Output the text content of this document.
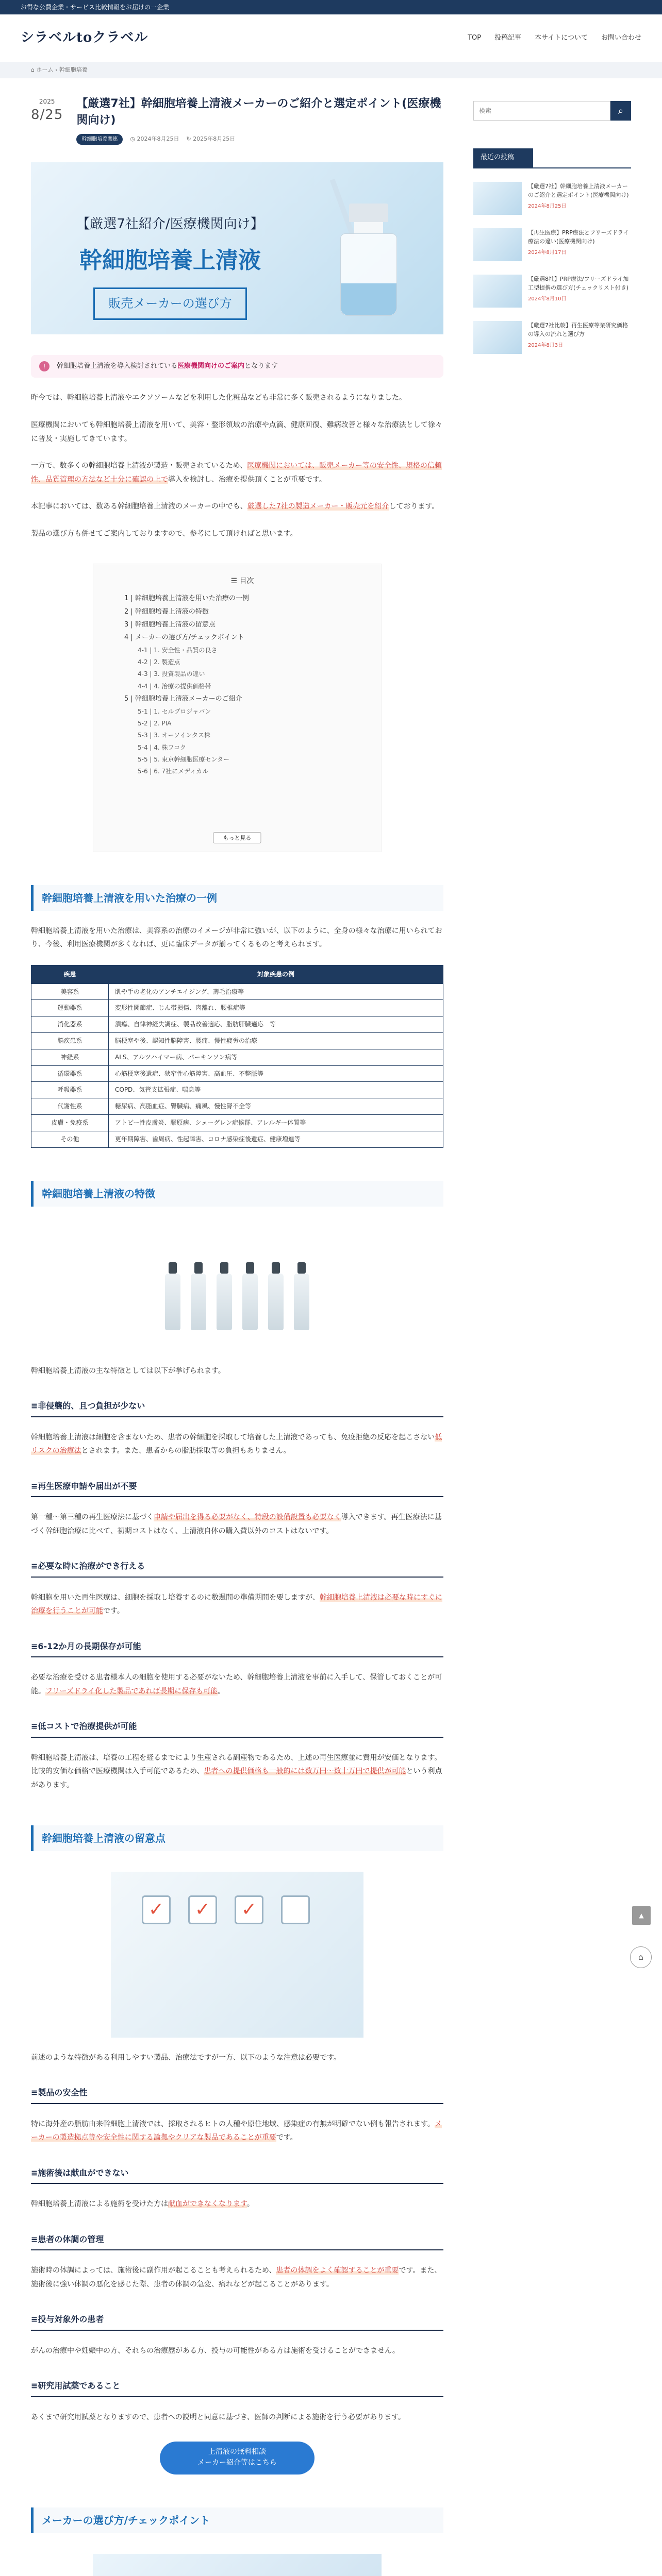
お得な公費企業・サービス比較情報をお届けの一企業
シラベルtoクラベル	TOP 投稿記事 本サイトについて お問い合わせ
⌂ ホーム › 幹細胞培養
2025
8/25
【厳選7社】幹細胞培養上清液メーカーのご紹介と選定ポイント(医療機関向け)
幹細胞培養関連	◷ 2024年8月25日 ↻ 2025年8月25日
【厳選7社紹介/医療機関向け】
幹細胞培養上清液
販売メーカーの選び方
!	幹細胞培養上清液を導入検討されている医療機関向けのご案内となります

昨今では、幹細胞培養上清液やエクソソームなどを利用した化粧品なども非常に多く販売されるようになりました。

医療機関においても幹細胞培養上清液を用いて、美容・整形領域の治療や点滴、健康回復、難病改善と様々な治療法として徐々に普及・実施してきています。

一方で、数多くの幹細胞培養上清液が製造・販売されているため、医療機関においては、販売メーカー等の安全性、規格の信頼性、品質管理の方法など十分に確認の上で導入を検討し、治療を提供頂くことが重要です。

本記事においては、数ある幹細胞培養上清液のメーカーの中でも、厳選した7社の製造メーカー・販売元を紹介しております。

製品の選び方も併せてご案内しておりますので、参考にして頂ければと思います。

☰ 目次
1 | 幹細胞培養上清液を用いた治療の一例
2 | 幹細胞培養上清液の特徴
3 | 幹細胞培養上清液の留意点
4 | メーカーの選び方/チェックポイント
4-1 | 1. 安全性・品質の良さ
4-2 | 2. 製造点
4-3 | 3. 投資製品の違い
4-4 | 4. 治療の提供価格帯
5 | 幹細胞培養上清液メーカーのご紹介
5-1 | 1. セルプロジャパン
5-2 | 2. PIA
5-3 | 3. オーソインタス株
5-4 | 4. 株フコク
5-5 | 5. 東京幹細胞医療センター
5-6 | 6. 7社にメディカル
もっと見る
幹細胞培養上清液を用いた治療の一例

幹細胞培養上清液を用いた治療は、美容系の治療のイメージが非常に強いが、以下のように、全身の様々な治療に用いられており、今後、利用医療機関が多くなれば、更に臨床データが揃ってくるものと考えられます。

疾患	対象疾患の例
美容系	肌や手の老化のアンチエイジング、薄毛治療等
運動器系	変形性関節症、じん帯損傷、肉離れ、腰椎症等
消化器系	潰瘍、自律神経失調症、製品改善適応、脂肪肝臓適応　等
脳疾患系	脳梗塞や後、認知性脳障害、腰痛、慢性疲労の治療
神経系	ALS、アルツハイマー病、パーキンソン病等
循環器系	心筋梗塞後遺症、狭窄性心筋障害、高血圧、不整脈等
呼吸器系	COPD、気管支拡張症、喘息等
代謝性系	糖尿病、高脂血症、腎臓病、痛風、慢性腎不全等
皮膚・免疫系	アトピー性皮膚炎、膠原病、シェーグレン症候群、アレルギー体質等
その他	更年期障害、歯周病、性起障害、コロナ感染症後遺症、健康増進等
幹細胞培養上清液の特徴

幹細胞培養上清液の主な特徴としては以下が挙げられます。

≡非侵襲的、且つ負担が少ない

幹細胞培養上清液は細胞を含まないため、患者の幹細胞を採取して培養した上清液であっても、免疫拒絶の反応を起こさない低リスクの治療法とされます。また、患者からの脂肪採取等の負担もありません。

≡再生医療申請や届出が不要

第一種〜第三種の再生医療法に基づく申請や届出を得る必要がなく、特段の設備設置も必要なく導入できます。再生医療法に基づく幹細胞治療に比べて、初期コストはなく、上清液自体の購入費以外のコストはないです。

≡必要な時に治療ができ行える

幹細胞を用いた再生医療は、細胞を採取し培養するのに数週間の準備期間を要しますが、幹細胞培養上清液は必要な時にすぐに治療を行うことが可能です。

≡6-12か月の長期保存が可能

必要な治療を受ける患者様本人の細胞を使用する必要がないため、幹細胞培養上清液を事前に入手して、保管しておくことが可能。フリーズドライ化した製品であれば長期に保存も可能。

≡低コストで治療提供が可能

幹細胞培養上清液は、培養の工程を経るまでにより生産される副産物であるため、上述の再生医療並に費用が安価となります。比較的安価な価格で医療機関は入手可能であるため、患者への提供価格も一般的には数万円〜数十万円で提供が可能という利点があります。

幹細胞培養上清液の留意点
✓	✓	✓

前述のような特徴がある利用しやすい製品、治療法ですが一方、以下のような注意は必要です。

≡製品の安全性

特に海外産の脂肪由来幹細胞上清液では、採取されるヒトの人種や原住地域、感染症の有無が明確でない例も報告されます。メーカーの製造拠点等や安全性に関する論拠やクリアな製品であることが重要です。

≡施術後は献血ができない

幹細胞培養上清液による施術を受けた方は献血ができなくなります。

≡患者の体調の管理

施術時の体調によっては、施術後に副作用が起こることも考えられるため、患者の体調をよく確認することが重要です。また、施術後に強い体調の悪化を感じた際、患者の体調の急変、痛れなどが起こることがあります。

≡投与対象外の患者

がんの治療中や妊娠中の方、それらの治療歴がある方、投与の可能性がある方は施術を受けることができません。

≡研究用試薬であること

あくまで研究用試薬となりますので、患者への説明と同意に基づき、医師の判断による施術を行う必要があります。

上清液の無料相談
メーカー紹介等はこちら
メーカーの選び方/チェックポイント
検索
⌕
最近の投稿
【厳選7社】幹細胞培養上清液メーカーのご紹介と選定ポイント(医療機関向け)
2024年8月25日
【再生医療】PRP療法とフリーズドライ療法の違い(医療機関向け)
2024年8月17日
【厳選8社】PRP療法/フリーズドライ加工型提携の選び方(チェックリスト付き)
2024年8月10日
【厳選7社比較】再生医療等業研究価格の導入の流れと選び方
2024年8月3日
▲
⌂
